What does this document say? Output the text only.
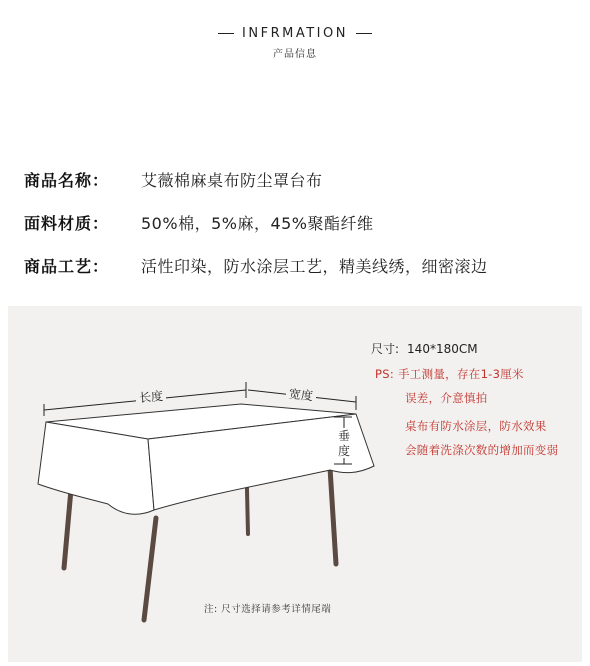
INFRMATION
产品信息
商品名称：	艾薇棉麻桌布防尘罩台布
面料材质：	50%棉，5%麻，45%聚酯纤维
商品工艺：	活性印染，防水涂层工艺，精美线绣，细密滚边
长度	宽度
垂
度
尺寸: 140*180CM
PS: 手工测量，存在1-3厘米
误差，介意慎拍
桌布有防水涂层，防水效果
会随着洗涤次数的增加而变弱
注: 尺寸选择请参考详情尾端
